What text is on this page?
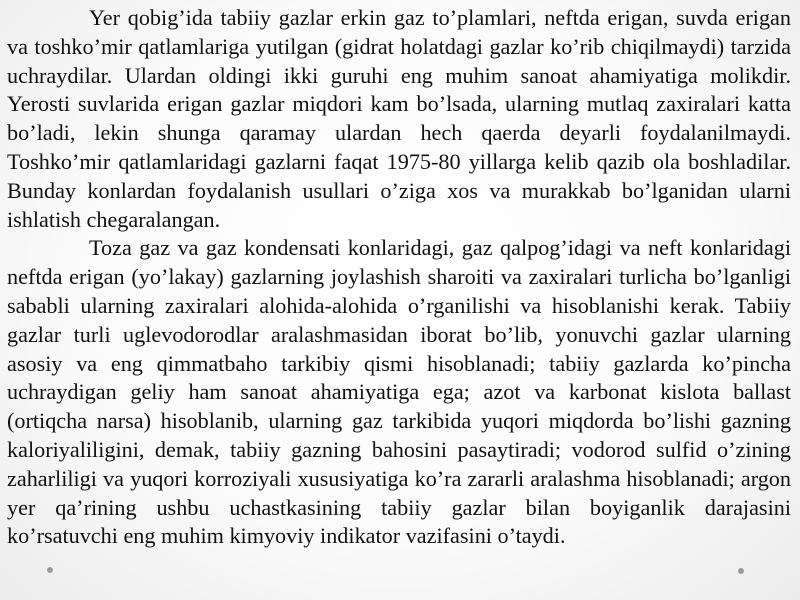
Yer qobig’ida tabiiy gazlar erkin gaz to’plamlari, neftda erigan, suvda erigan va toshko’mir qatlamlariga yutilgan (gidrat holatdagi gazlar ko’rib chiqilmaydi) tarzida uchraydilar. Ulardan oldingi ikki guruhi eng muhim sanoat ahamiyatiga molikdir. Yerosti suvlarida erigan gazlar miqdori kam bo’lsada, ularning mutlaq zaxiralari katta bo’ladi, lekin shunga qaramay ulardan hech qaerda deyarli foydalanilmaydi. Toshko’mir qatlamlaridagi gazlarni faqat 1975-80 yillarga kelib qazib ola boshladilar. Bunday konlardan foydalanish usullari o’ziga xos va murakkab bo’lganidan ularni ishlatish chegaralangan.

Toza gaz va gaz kondensati konlaridagi, gaz qalpog’idagi va neft konlaridagi neftda erigan (yo’lakay) gazlarning joylashish sharoiti va zaxiralari turlicha bo’lganligi sababli ularning zaxiralari alohida-alohida o’rganilishi va hisoblanishi kerak. Tabiiy gazlar turli uglevodorodlar aralashmasidan iborat bo’lib, yonuvchi gazlar ularning asosiy va eng qimmatbaho tarkibiy qismi hisoblanadi; tabiiy gazlarda ko’pincha uchraydigan geliy ham sanoat ahamiyatiga ega; azot va karbonat kislota ballast (ortiqcha narsa) hisoblanib, ularning gaz tarkibida yuqori miqdorda bo’lishi gazning kaloriyaliligini, demak, tabiiy gazning bahosini pasaytiradi; vodorod sulfid o’zining zaharliligi va yuqori korroziyali xususiyatiga ko’ra zararli aralashma hisoblanadi; argon yer qa’rining ushbu uchastkasining tabiiy gazlar bilan boyiganlik darajasini ko’rsatuvchi eng muhim kimyoviy indikator vazifasini o’taydi.
